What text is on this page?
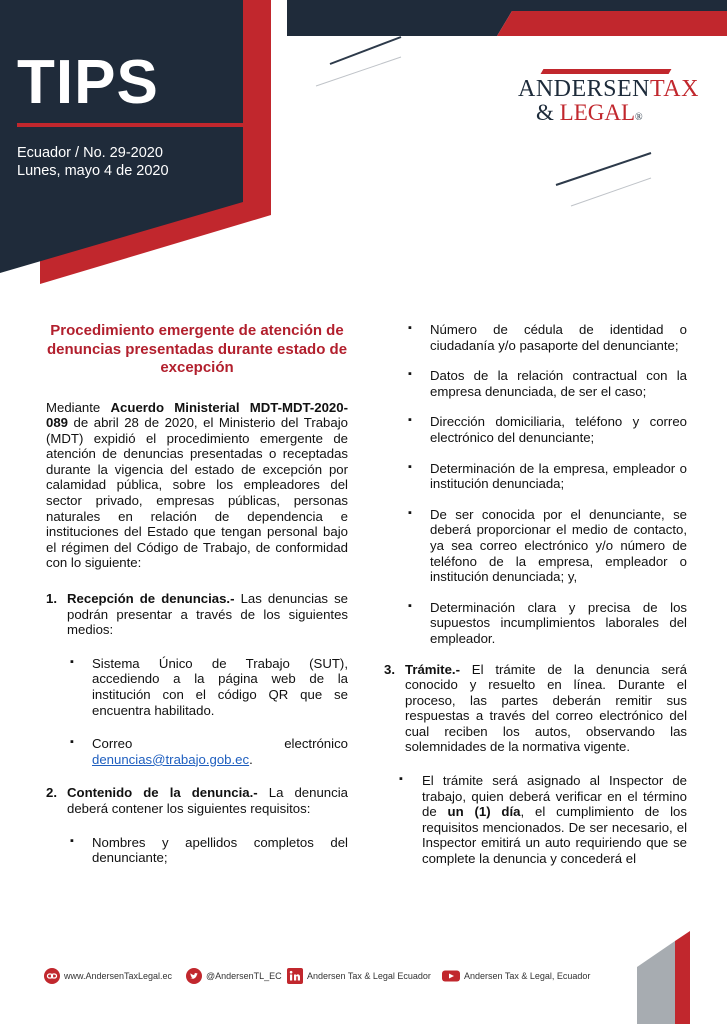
TIPS
Ecuador / No. 29-2020
Lunes, mayo 4 de 2020
ANDERSENTAX
& LEGAL®
Procedimiento emergente de atención de denuncias presentadas durante estado de excepción

Mediante Acuerdo Ministerial MDT-MDT-2020-089 de abril 28 de 2020, el Ministerio del Trabajo (MDT) expidió el procedimiento emergente de atención de denuncias presentadas o receptadas durante la vigencia del estado de excepción por calamidad pública, sobre los empleadores del sector privado, empresas públicas, personas naturales en relación de dependencia e instituciones del Estado que tengan personal bajo el régimen del Código de Trabajo, de conformidad con lo siguiente:

1. Recepción de denuncias.- Las denuncias se podrán presentar a través de los siguientes medios:
▪ Sistema Único de Trabajo (SUT), accediendo a la página web de la institución con el código QR que se encuentra habilitado.
▪ Correo	electrónico
denuncias@trabajo.gob.ec.
2. Contenido de la denuncia.- La denuncia deberá contener los siguientes requisitos:
▪ Nombres y apellidos completos del denunciante;
▪ Número de cédula de identidad o ciudadanía y/o pasaporte del denunciante;
▪ Datos de la relación contractual con la empresa denunciada, de ser el caso;
▪ Dirección domiciliaria, teléfono y correo electrónico del denunciante;
▪ Determinación de la empresa, empleador o institución denunciada;
▪ De ser conocida por el denunciante, se deberá proporcionar el medio de contacto, ya sea correo electrónico y/o número de teléfono de la empresa, empleador o institución denunciada; y,
▪ Determinación clara y precisa de los supuestos incumplimientos laborales del empleador.
3. Trámite.- El trámite de la denuncia será conocido y resuelto en línea. Durante el proceso, las partes deberán remitir sus respuestas a través del correo electrónico del cual reciben los autos, observando las solemnidades de la normativa vigente.
▪ El trámite será asignado al Inspector de trabajo, quien deberá verificar en el término de un (1) día, el cumplimiento de los requisitos mencionados. De ser necesario, el Inspector emitirá un auto requiriendo que se complete la denuncia y concederá el
www.AndersenTaxLegal.ec	@AndersenTL_EC	Andersen Tax & Legal Ecuador	Andersen Tax & Legal, Ecuador
